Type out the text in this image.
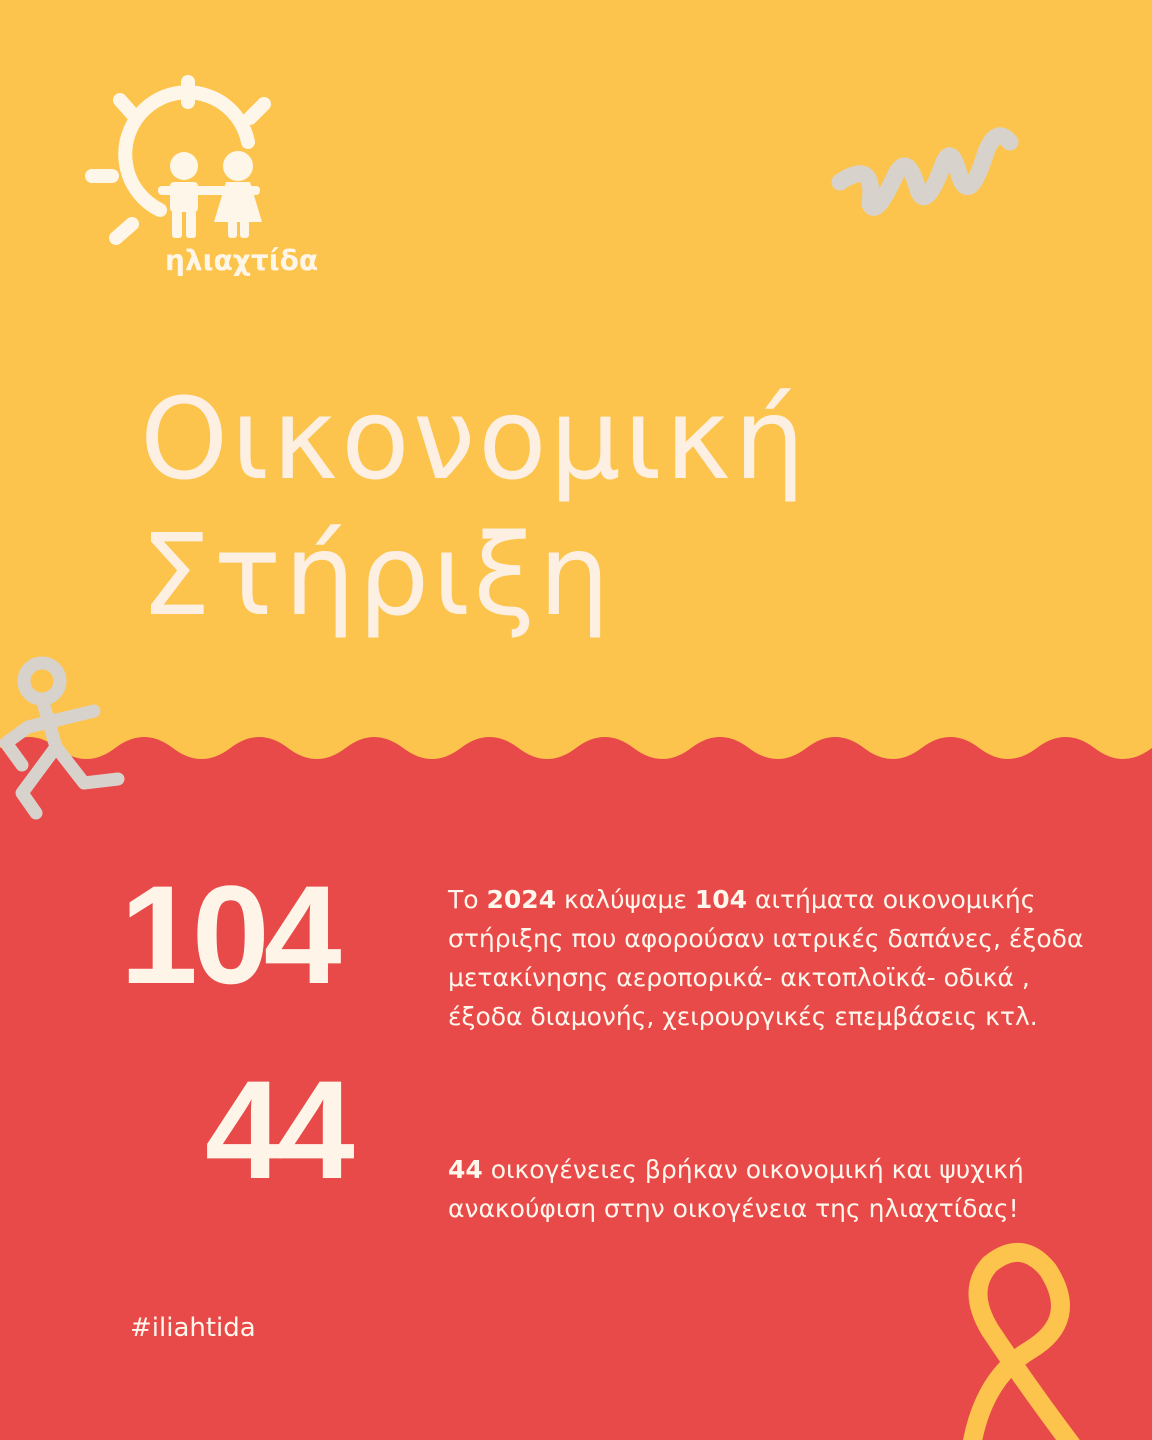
ηλιαχτίδα
Οικονομική
Στήριξη
104
44

Το 2024 καλύψαμε 104 αιτήματα οικονομικής στήριξης που αφορούσαν ιατρικές δαπάνες, έξοδα μετακίνησης αεροπορικά- ακτοπλοϊκά- οδικά , έξοδα διαμονής, χειρουργικές επεμβάσεις κτλ.

44 οικογένειες βρήκαν οικονομική και ψυχική ανακούφιση στην οικογένεια της ηλιαχτίδας!

#iliahtida
